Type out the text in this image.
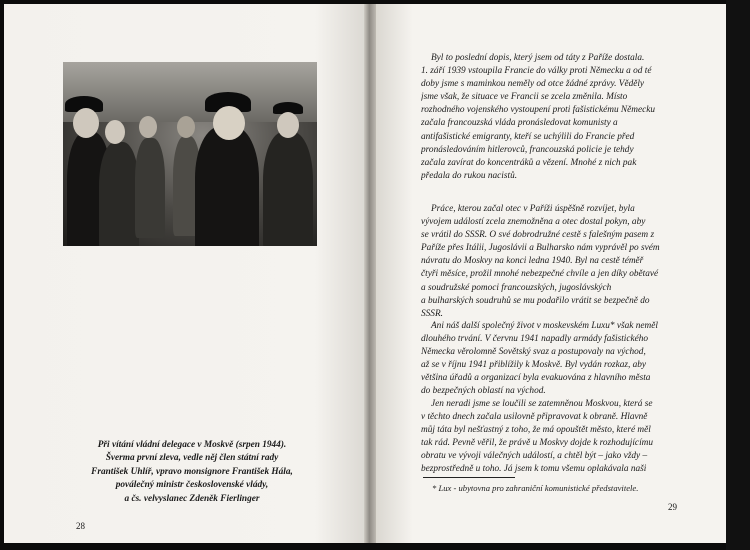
Při vítání vládní delegace v Moskvě (srpen 1944).
Švermа první zleva, vedle něj člen státní rady
František Uhlíř, vpravo monsignore František Hála,
poválečný ministr československé vlády,
a čs. velvyslanec Zdeněk Fierlinger
28
Byl to poslední dopis, který jsem od táty z Paříže dostala.
1. září 1939 vstoupila Francie do války proti Německu a od té
doby jsme s maminkou neměly od otce žádné zprávy. Věděly
jsme však, že situace ve Francii se zcela změnila. Místo
rozhodného vojenského vystoupení proti fašistickému Německu
začala francouzská vláda pronásledovat komunisty a
antifašistické emigranty, kteří se uchýlili do Francie před
pronásledováním hitlerovců, francouzská policie je tehdy
začala zavírat do koncentráků a vězení. Mnohé z nich pak
předala do rukou nacistů.
Práce, kterou začal otec v Paříži úspěšně rozvíjet, byla
vývojem událostí zcela znemožněna a otec dostal pokyn, aby
se vrátil do SSSR. O své dobrodružné cestě s falešným pasem z
Paříže přes Itálii, Jugoslávii a Bulharsko nám vyprávěl po svém
návratu do Moskvy na konci ledna 1940. Byl na cestě téměř
čtyři měsíce, prožil mnohé nebezpečné chvíle a jen díky obětavé
a soudružské pomoci francouzských, jugoslávských
a bulharských soudruhů se mu podařilo vrátit se bezpečně do
SSSR.
Ani náš další společný život v moskevském Luxu* však neměl
dlouhého trvání. V červnu 1941 napadly armády fašistického
Německa věrolomně Sovětský svaz a postupovaly na východ,
až se v říjnu 1941 přiblížily k Moskvě. Byl vydán rozkaz, aby
většina úřadů a organizací byla evakuována z hlavního města
do bezpečných oblastí na východ.
Jen neradi jsme se loučili se zatemněnou Moskvou, která se
v těchto dnech začala usilovně připravovat k obraně. Hlavně
můj táta byl nešťastný z toho, že má opouštět město, které měl
tak rád. Pevně věřil, že právě u Moskvy dojde k rozhodujícímu
obratu ve vývoji válečných událostí, a chtěl být – jako vždy –
bezprostředně u toho. Já jsem k tomu všemu oplakávala naši
* Lux - ubytovna pro zahraniční komunistické představitele.
29
